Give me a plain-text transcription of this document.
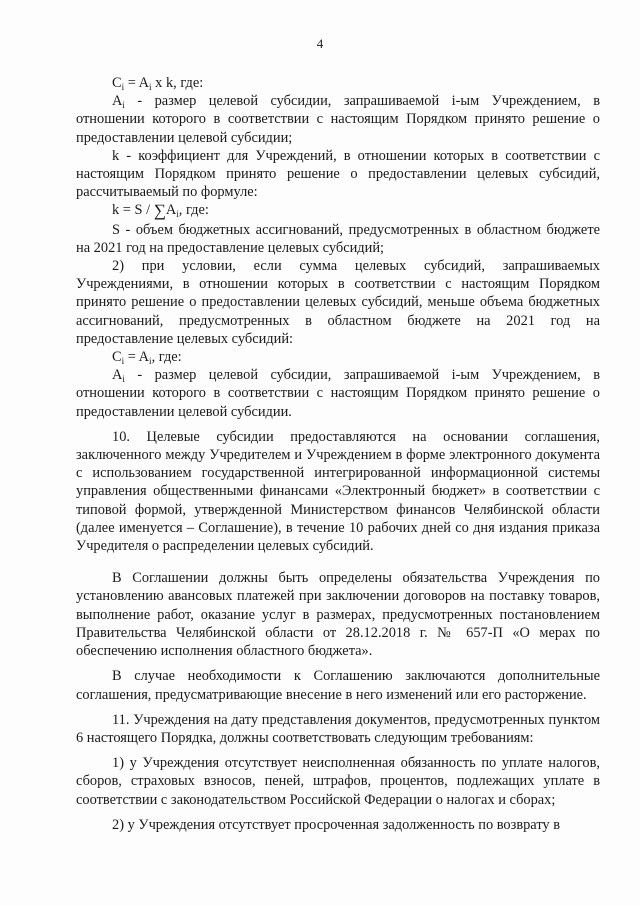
4

$C_i = A_i$ x k, где:

$A_i$ - размер целевой субсидии, запрашиваемой i-ым Учреждением, в отношении которого в соответствии с настоящим Порядком принято решение о предоставлении целевой субсидии;

k - коэффициент для Учреждений, в отношении которых в соответствии с настоящим Порядком принято решение о предоставлении целевых субсидий, рассчитываемый по формуле:

$k = S / \sum A_i$, где:

S - объем бюджетных ассигнований, предусмотренных в областном бюджете на 2021 год на предоставление целевых субсидий;

2) при условии, если сумма целевых субсидий, запрашиваемых Учреждениями, в отношении которых в соответствии с настоящим Порядком принято решение о предоставлении целевых субсидий, меньше объема бюджетных ассигнований, предусмотренных в областном бюджете на 2021 год на предоставление целевых субсидий:

$C_i = A_i$, где:

$A_i$ - размер целевой субсидии, запрашиваемой i-ым Учреждением, в отношении которого в соответствии с настоящим Порядком принято решение о предоставлении целевой субсидии.

10. Целевые субсидии предоставляются на основании соглашения, заключенного между Учредителем и Учреждением в форме электронного документа с использованием государственной интегрированной информационной системы управления общественными финансами «Электронный бюджет» в соответствии с типовой формой, утвержденной Министерством финансов Челябинской области (далее именуется – Соглашение), в течение 10 рабочих дней со дня издания приказа Учредителя о распределении целевых субсидий.

В Соглашении должны быть определены обязательства Учреждения по установлению авансовых платежей при заключении договоров на поставку товаров, выполнение работ, оказание услуг в размерах, предусмотренных постановлением Правительства Челябинской области от 28.12.2018 г. № 657-П «О мерах по обеспечению исполнения областного бюджета».

В случае необходимости к Соглашению заключаются дополнительные соглашения, предусматривающие внесение в него изменений или его расторжение.

11. Учреждения на дату представления документов, предусмотренных пунктом 6 настоящего Порядка, должны соответствовать следующим требованиям:

1) у Учреждения отсутствует неисполненная обязанность по уплате налогов, сборов, страховых взносов, пеней, штрафов, процентов, подлежащих уплате в соответствии с законодательством Российской Федерации о налогах и сборах;

2) у Учреждения отсутствует просроченная задолженность по возврату в
